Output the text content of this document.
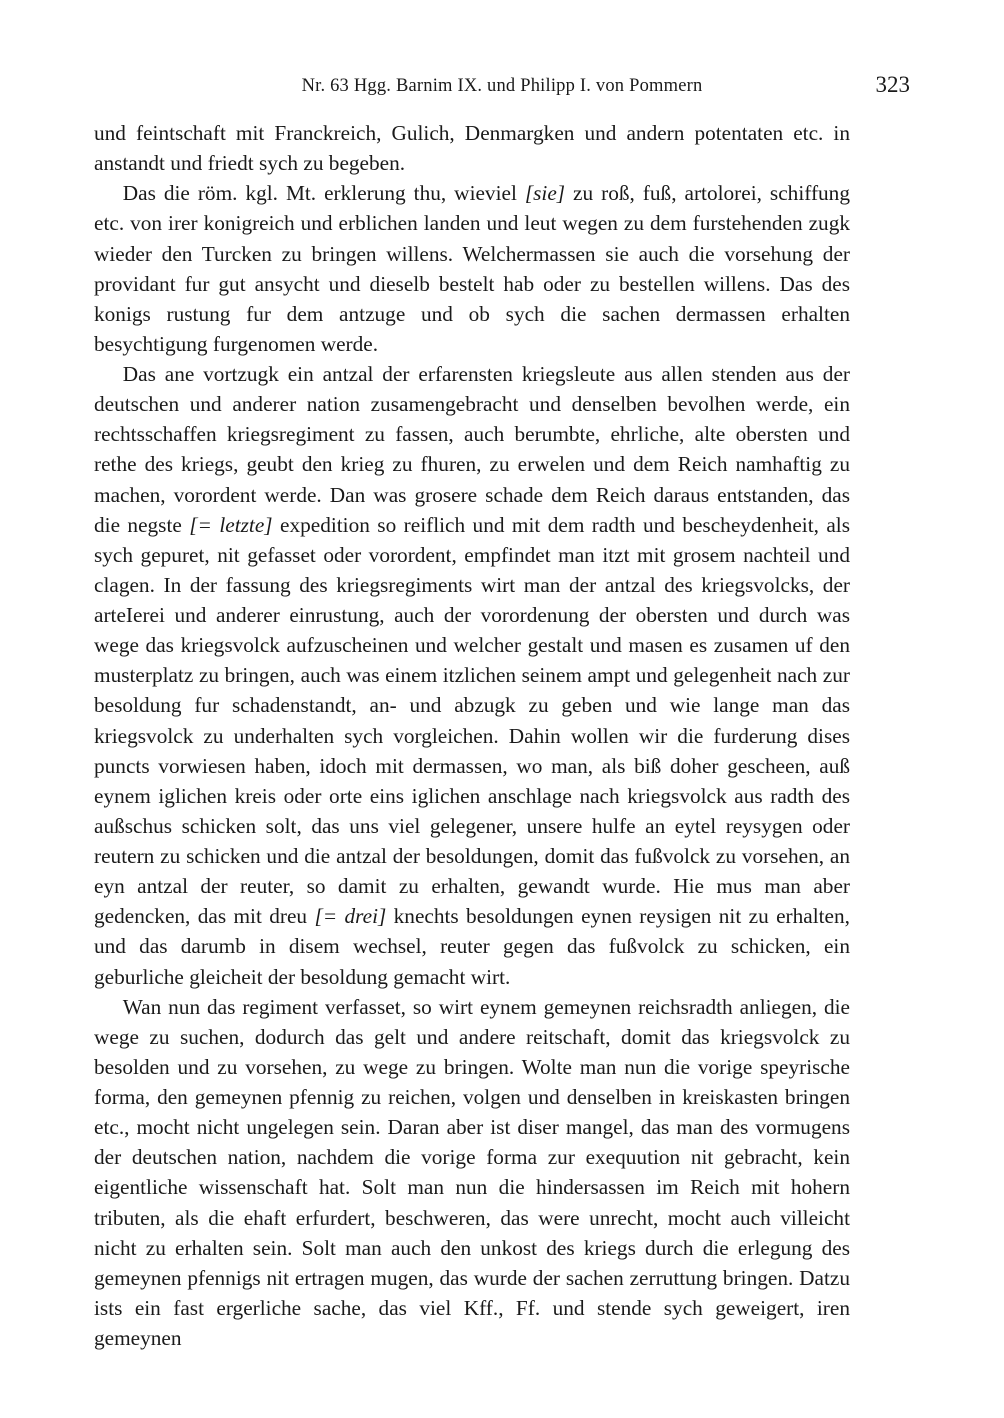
Nr. 63 Hgg. Barnim IX. und Philipp I. von Pommern	323

und feintschaft mit Franckreich, Gulich, Denmargken und andern potentaten etc. in anstandt und friedt sych zu begeben.

Das die röm. kgl. Mt. erklerung thu, wieviel [sie] zu roß, fuß, artolorei, schiffung etc. von irer konigreich und erblichen landen und leut wegen zu dem furstehenden zugk wieder den Turcken zu bringen willens. Welchermassen sie auch die vorsehung der providant fur gut ansycht und dieselb bestelt hab oder zu bestellen willens. Das des konigs rustung fur dem antzuge und ob sych die sachen dermassen erhalten besychtigung furgenomen werde.

Das ane vortzugk ein antzal der erfarensten kriegsleute aus allen stenden aus der deutschen und anderer nation zusamengebracht und denselben bevolhen werde, ein rechtsschaffen kriegsregiment zu fassen, auch berumbte, ehrliche, alte obersten und rethe des kriegs, geubt den krieg zu fhuren, zu erwelen und dem Reich namhaftig zu machen, vorordent werde. Dan was grosere schade dem Reich daraus entstanden, das die negste [= letzte] expedition so reiflich und mit dem radth und bescheydenheit, als sych gepuret, nit gefasset oder vorordent, empfindet man itzt mit grosem nachteil und clagen. In der fassung des kriegsregiments wirt man der antzal des kriegsvolcks, der arteIerei und anderer einrustung, auch der vorordenung der obersten und durch was wege das kriegsvolck aufzuscheinen und welcher gestalt und masen es zusamen uf den musterplatz zu bringen, auch was einem itzlichen seinem ampt und gelegenheit nach zur besoldung fur schadenstandt, an- und abzugk zu geben und wie lange man das kriegsvolck zu underhalten sych vorgleichen. Dahin wollen wir die furderung dises puncts vorwiesen haben, idoch mit dermassen, wo man, als biß doher gescheen, auß eynem iglichen kreis oder orte eins iglichen anschlage nach kriegsvolck aus radth des außschus schicken solt, das uns viel gelegener, unsere hulfe an eytel reysygen oder reutern zu schicken und die antzal der besoldungen, domit das fußvolck zu vorsehen, an eyn antzal der reuter, so damit zu erhalten, gewandt wurde. Hie mus man aber gedencken, das mit dreu [= drei] knechts besoldungen eynen reysigen nit zu erhalten, und das darumb in disem wechsel, reuter gegen das fußvolck zu schicken, ein geburliche gleicheit der besoldung gemacht wirt.

Wan nun das regiment verfasset, so wirt eynem gemeynen reichsradth anliegen, die wege zu suchen, dodurch das gelt und andere reitschaft, domit das kriegsvolck zu besolden und zu vorsehen, zu wege zu bringen. Wolte man nun die vorige speyrische forma, den gemeynen pfennig zu reichen, volgen und denselben in kreiskasten bringen etc., mocht nicht ungelegen sein. Daran aber ist diser mangel, das man des vormugens der deutschen nation, nachdem die vorige forma zur exequution nit gebracht, kein eigentliche wissenschaft hat. Solt man nun die hindersassen im Reich mit hohern tributen, als die ehaft erfurdert, beschweren, das were unrecht, mocht auch villeicht nicht zu erhalten sein. Solt man auch den unkost des kriegs durch die erlegung des gemeynen pfennigs nit ertragen mugen, das wurde der sachen zerruttung bringen. Datzu ists ein fast ergerliche sache, das viel Kff., Ff. und stende sych geweigert, iren gemeynen
